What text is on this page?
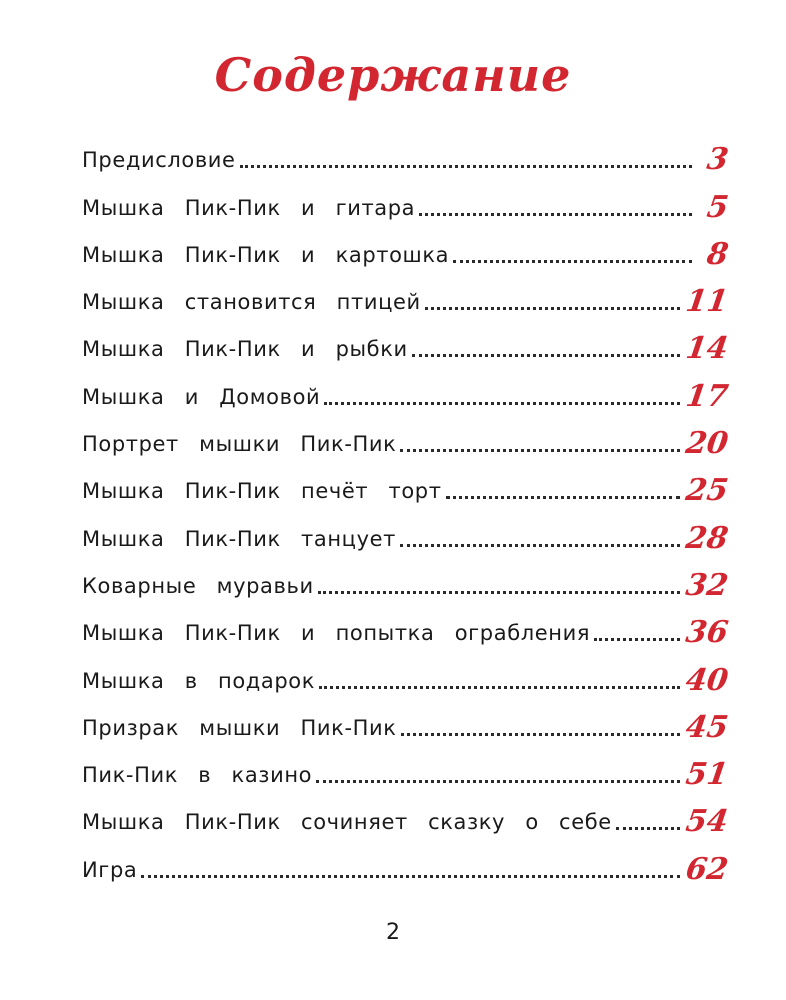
Содержание
Предисловие	3
Мышка Пик-Пик и гитара	5
Мышка Пик-Пик и картошка	8
Мышка становится птицей	11
Мышка Пик-Пик и рыбки	14
Мышка и Домовой	17
Портрет мышки Пик-Пик	20
Мышка Пик-Пик печёт торт	25
Мышка Пик-Пик танцует	28
Коварные муравьи	32
Мышка Пик-Пик и попытка ограбления	36
Мышка в подарок	40
Призрак мышки Пик-Пик	45
Пик-Пик в казино	51
Мышка Пик-Пик сочиняет сказку о себе 54
Игра	62
2
